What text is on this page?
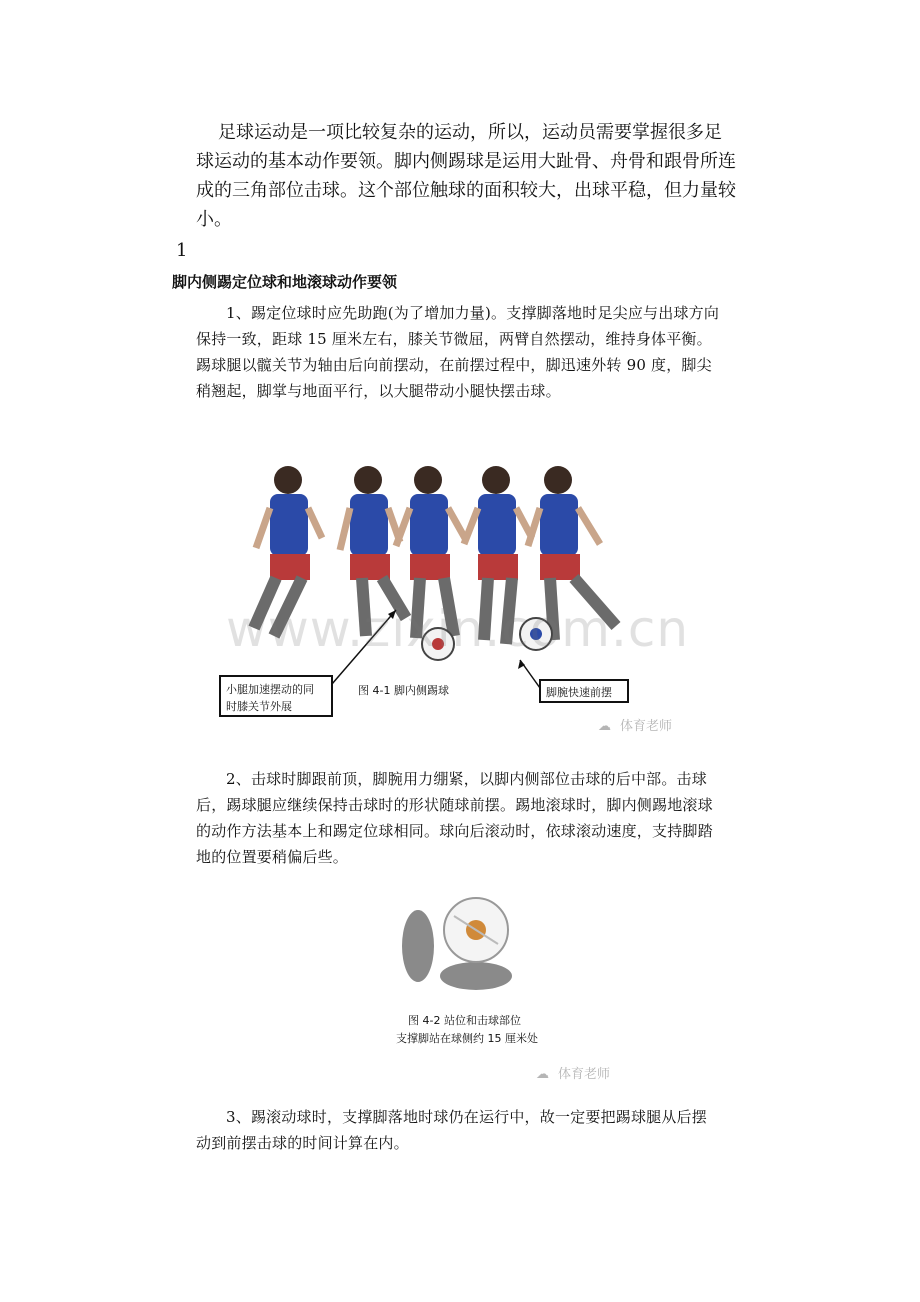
足球运动是一项比较复杂的运动，所以，运动员需要掌握很多足球运动的基本动作要领。脚内侧踢球是运用大趾骨、舟骨和跟骨所连成的三角部位击球。这个部位触球的面积较大，出球平稳，但力量较小。

1

脚内侧踢定位球和地滚球动作要领

1、踢定位球时应先助跑(为了增加力量)。支撑脚落地时足尖应与出球方向保持一致，距球 15 厘米左右，膝关节微屈，两臂自然摆动，维持身体平衡。踢球腿以髋关节为轴由后向前摆动，在前摆过程中，脚迅速外转 90 度，脚尖稍翘起，脚掌与地面平行，以大腿带动小腿快摆击球。

小腿加速摆动的同
时膝关节外展
脚腕快速前摆
图 4-1 脚内侧踢球
体育老师
☁
www.zixin.com.cn

2、击球时脚跟前顶，脚腕用力绷紧，以脚内侧部位击球的后中部。击球后，踢球腿应继续保持击球时的形状随球前摆。踢地滚球时，脚内侧踢地滚球的动作方法基本上和踢定位球相同。球向后滚动时，依球滚动速度，支持脚踏地的位置要稍偏后些。

图 4-2 站位和击球部位
支撑脚站在球侧约 15 厘米处
☁ 体育老师

3、踢滚动球时，支撑脚落地时球仍在运行中，故一定要把踢球腿从后摆动到前摆击球的时间计算在内。
